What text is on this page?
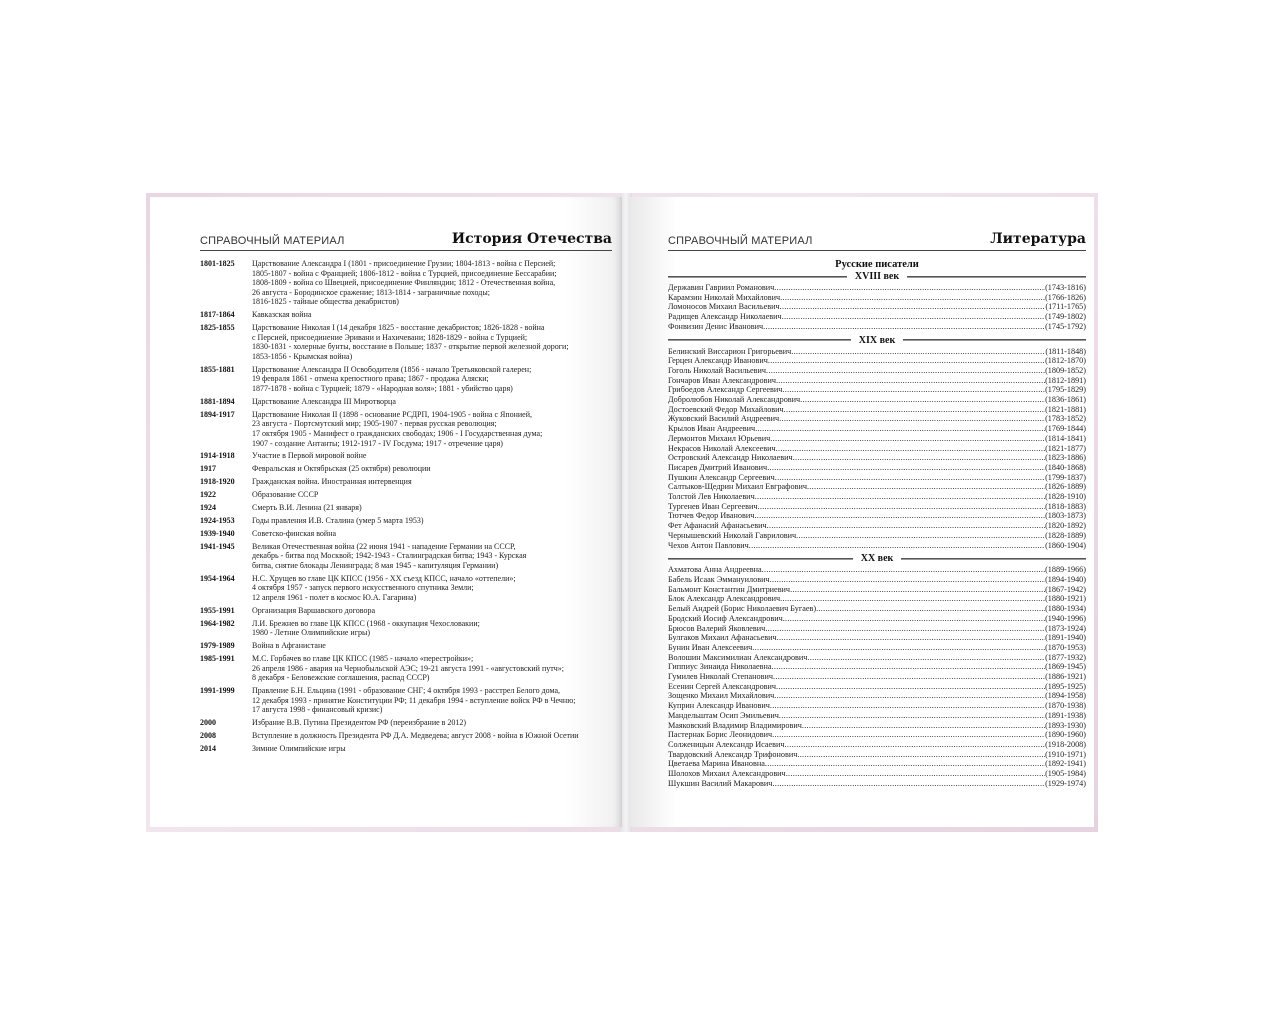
СПРАВОЧНЫЙ МАТЕРИАЛ	История Отечества
1801-1825	Царствование Александра I (1801 - присоединение Грузии; 1804-1813 - война с Персией;
1805-1807 - война с Францией; 1806-1812 - война с Турцией, присоединение Бессарабии;
1808-1809 - война со Швецией, присоединение Финляндии; 1812 - Отечественная война,
26 августа - Бородинское сражение; 1813-1814 - заграничные походы;
1816-1825 - тайные общества декабристов)
1817-1864	Кавказская война
1825-1855	Царствование Николая I (14 декабря 1825 - восстание декабристов; 1826-1828 - война
с Персией, присоединение Эривани и Нахичевани; 1828-1829 - война с Турцией;
1830-1831 - холерные бунты, восстание в Польше; 1837 - открытие первой железной дороги;
1853-1856 - Крымская война)
1855-1881	Царствование Александра II Освободителя (1856 - начало Третьяковской галерен;
19 февраля 1861 - отмена крепостного права; 1867 - продажа Аляски;
1877-1878 - война с Турцией; 1879 - «Народная воля»; 1881 - убийство царя)
1881-1894	Царствование Александра III Миротворца
1894-1917	Царствование Николая II (1898 - основание РСДРП, 1904-1905 - война с Японией,
23 августа - Портсмутский мир; 1905-1907 - первая русская революция;
17 октября 1905 - Манифест о гражданских свободах; 1906 - I Государственная дума;
1907 - создание Антанты; 1912-1917 - IV Госдума; 1917 - отречение царя)
1914-1918	Участие в Первой мировой войне
1917	Февральская и Октябрьская (25 октября) революции
1918-1920	Гражданская война. Иностранная интервенция
1922	Образование СССР
1924	Смерть В.И. Ленина (21 января)
1924-1953	Годы правления И.В. Сталина (умер 5 марта 1953)
1939-1940	Советско-финская война
1941-1945	Великая Отечественная война (22 июня 1941 - нападение Германии на СССР,
декабрь - битва под Москвой; 1942-1943 - Сталинградская битва; 1943 - Курская
битва, снятие блокады Ленинграда; 8 мая 1945 - капитуляция Германии)
1954-1964	Н.С. Хрущев во главе ЦК КПСС (1956 - XX съезд КПСС, начало «оттепели»;
4 октября 1957 - запуск первого искусственного спутника Земли;
12 апреля 1961 - полет в космос Ю.А. Гагарина)
1955-1991	Организация Варшавского договора
1964-1982	Л.И. Брежнев во главе ЦК КПСС (1968 - оккупация Чехословакии;
1980 - Летние Олимпийские игры)
1979-1989	Война в Афганистане
1985-1991	М.С. Горбачев во главе ЦК КПСС (1985 - начало «перестройки»;
26 апреля 1986 - авария на Чернобыльской АЭС; 19-21 августа 1991 - «августовский путч»;
8 декабря - Беловежские соглашения, распад СССР)
1991-1999	Правление Б.Н. Ельцина (1991 - образование СНГ; 4 октября 1993 - расстрел Белого дома,
12 декабря 1993 - принятие Конституции РФ; 11 декабря 1994 - вступление войск РФ в Чечню;
17 августа 1998 - финансовый кризис)
2000	Избрание В.В. Путина Президентом РФ (переизбрание в 2012)
2008	Вступление в должность Президента РФ Д.А. Медведева; август 2008 - война в Южной Осетии
2014	Зимние Олимпийские игры
СПРАВОЧНЫЙ МАТЕРИАЛ	Литература
Русские писатели
XVIII век
Державин Гавриил Романович .....	(1743-1816)
Карамзин Николай Михайлович .....	(1766-1826)
Ломоносов Михаил Васильевич .....	(1711-1765)
Радищев Александр Николаевич .....	(1749-1802)
Фонвизин Денис Иванович .....	(1745-1792)
XIX век
Белинский Виссарион Григорьевич .....	(1811-1848)
Герцен Александр Иванович .....	(1812-1870)
Гоголь Николай Васильевич .....	(1809-1852)
Гончаров Иван Александрович .....	(1812-1891)
Грибоедов Александр Сергеевич .....	(1795-1829)
Добролюбов Николай Александрович .....	(1836-1861)
Достоевский Федор Михайлович .....	(1821-1881)
Жуковский Василий Андреевич .....	(1783-1852)
Крылов Иван Андреевич .....	(1769-1844)
Лермонтов Михаил Юрьевич .....	(1814-1841)
Некрасов Николай Алексеевич .....	(1821-1877)
Островский Александр Николаевич .....	(1823-1886)
Писарев Дмитрий Иванович .....	(1840-1868)
Пушкин Александр Сергеевич .....	(1799-1837)
Салтыков-Щедрин Михаил Евграфович .....	(1826-1889)
Толстой Лев Николаевич .....	(1828-1910)
Тургенев Иван Сергеевич .....	(1818-1883)
Тютчев Федор Иванович .....	(1803-1873)
Фет Афанасий Афанасьевич .....	(1820-1892)
Чернышевский Николай Гаврилович .....	(1828-1889)
Чехов Антон Павлович .....	(1860-1904)
XX век
Ахматова Анна Андреевна .....	(1889-1966)
Бабель Исаак Эммануилович .....	(1894-1940)
Бальмонт Константин Дмитриевич .....	(1867-1942)
Блок Александр Александрович .....	(1880-1921)
Белый Андрей (Борис Николаевич Бугаев) .....	(1880-1934)
Бродский Иосиф Александрович .....	(1940-1996)
Брюсов Валерий Яковлевич .....	(1873-1924)
Булгаков Михаил Афанасьевич .....	(1891-1940)
Бунин Иван Алексеевич .....	(1870-1953)
Волошин Максимилиан Александрович .....	(1877-1932)
Гиппиус Зинаида Николаевна .....	(1869-1945)
Гумилев Николай Степанович .....	(1886-1921)
Есенин Сергей Александрович .....	(1895-1925)
Зощенко Михаил Михайлович .....	(1894-1958)
Куприн Александр Иванович .....	(1870-1938)
Мандельштам Осип Эмильевич .....	(1891-1938)
Маяковский Владимир Владимирович .....	(1893-1930)
Пастернак Борис Леонидович .....	(1890-1960)
Солженицын Александр Исаевич .....	(1918-2008)
Твардовский Александр Трифонович .....	(1910-1971)
Цветаева Марина Ивановна .....	(1892-1941)
Шолохов Михаил Александрович .....	(1905-1984)
Шукшин Василий Макарович .....	(1929-1974)
